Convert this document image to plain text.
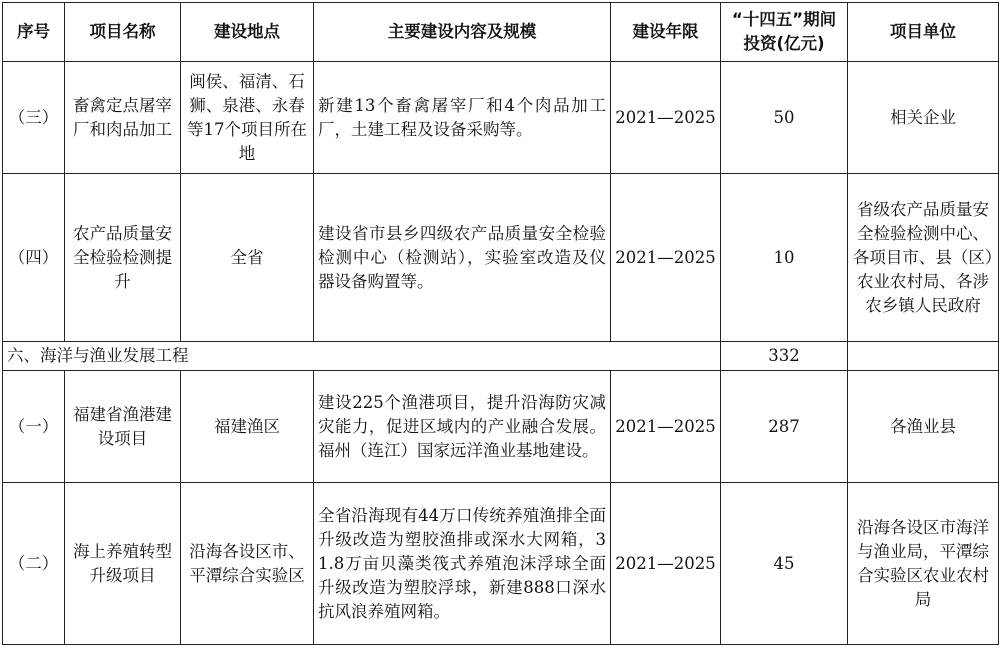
序号	项目名称	建设地点	主要建设内容及规模	建设年限	“十四五”期间投资(亿元)	项目单位
（三）	畜禽定点屠宰厂和肉品加工	闽侯、福清、石狮、泉港、永春等17个项目所在地	新建13个畜禽屠宰厂和4个肉品加工厂，土建工程及设备采购等。	2021—2025	50	相关企业
（四）	农产品质量安全检验检测提升	全省	建设省市县乡四级农产品质量安全检验检测中心（检测站），实验室改造及仪器设备购置等。	2021—2025	10	省级农产品质量安全检验检测中心、各项目市、县（区）农业农村局、各涉农乡镇人民政府
六、海洋与渔业发展工程					332	
（一）	福建省渔港建设项目	福建渔区	建设225个渔港项目，提升沿海防灾减灾能力，促进区域内的产业融合发展。福州（连江）国家远洋渔业基地建设。	2021—2025	287	各渔业县
（二）	海上养殖转型升级项目	沿海各设区市、平潭综合实验区	全省沿海现有44万口传统养殖渔排全面升级改造为塑胶渔排或深水大网箱，31.8万亩贝藻类筏式养殖泡沫浮球全面升级改造为塑胶浮球，新建888口深水抗风浪养殖网箱。	2021—2025	45	沿海各设区市海洋与渔业局，平潭综合实验区农业农村局
